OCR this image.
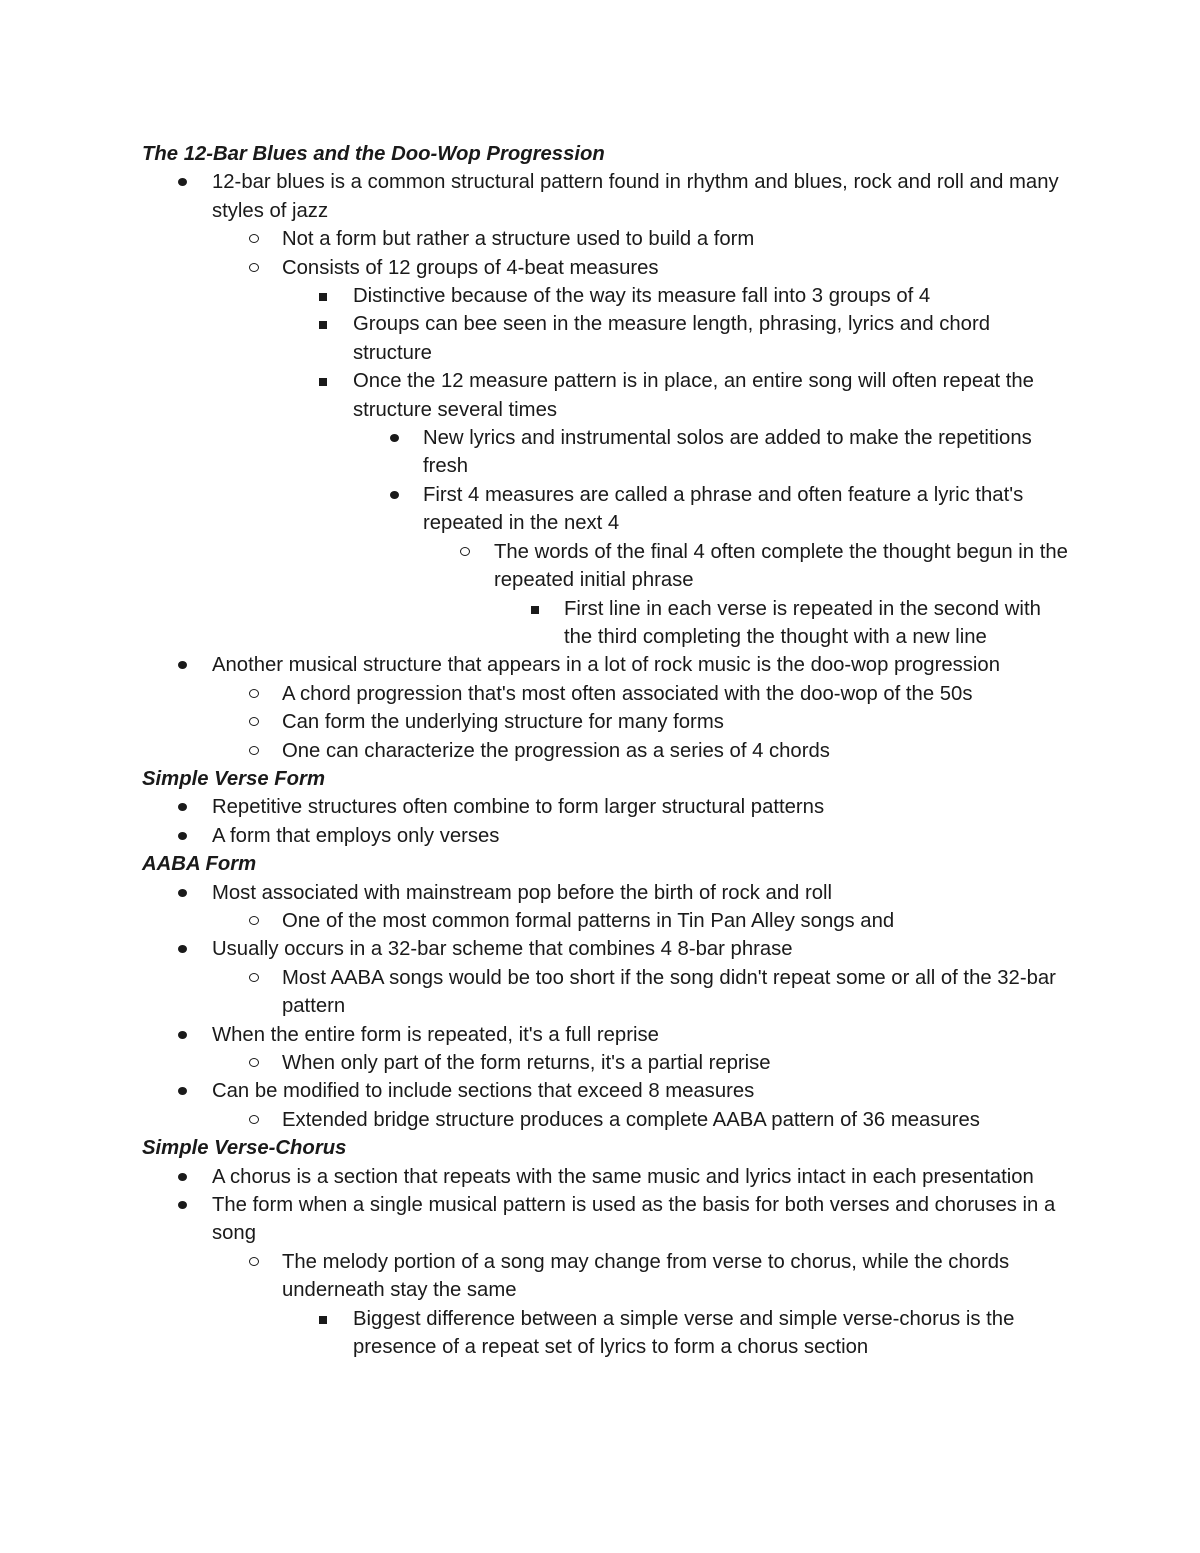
The 12-Bar Blues and the Doo-Wop Progression
12-bar blues is a common structural pattern found in rhythm and blues, rock and roll and many styles of jazz
Not a form but rather a structure used to build a form
Consists of 12 groups of 4-beat measures
Distinctive because of the way its measure fall into 3 groups of 4
Groups can bee seen in the measure length, phrasing, lyrics and chord structure
Once the 12 measure pattern is in place, an entire song will often repeat the structure several times
New lyrics and instrumental solos are added to make the repetitions fresh
First 4 measures are called a phrase and often feature a lyric that's repeated in the next 4
The words of the final 4 often complete the thought begun in the repeated initial phrase
First line in each verse is repeated in the second with the third completing the thought with a new line
Another musical structure that appears in a lot of rock music is the doo-wop progression
A chord progression that's most often associated with the doo-wop of the 50s
Can form the underlying structure for many forms
One can characterize the progression as a series of 4 chords
Simple Verse Form
Repetitive structures often combine to form larger structural patterns
A form that employs only verses
AABA Form
Most associated with mainstream pop before the birth of rock and roll
One of the most common formal patterns in Tin Pan Alley songs and
Usually occurs in a 32-bar scheme that combines 4 8-bar phrase
Most AABA songs would be too short if the song didn't repeat some or all of the 32-bar pattern
When the entire form is repeated, it's a full reprise
When only part of the form returns, it's a partial reprise
Can be modified to include sections that exceed 8 measures
Extended bridge structure produces a complete AABA pattern of 36 measures
Simple Verse-Chorus
A chorus is a section that repeats with the same music and lyrics intact in each presentation
The form when a single musical pattern is used as the basis for both verses and choruses in a song
The melody portion of a song may change from verse to chorus, while the chords underneath stay the same
Biggest difference between a simple verse and simple verse-chorus is the presence of a repeat set of lyrics to form a chorus section
